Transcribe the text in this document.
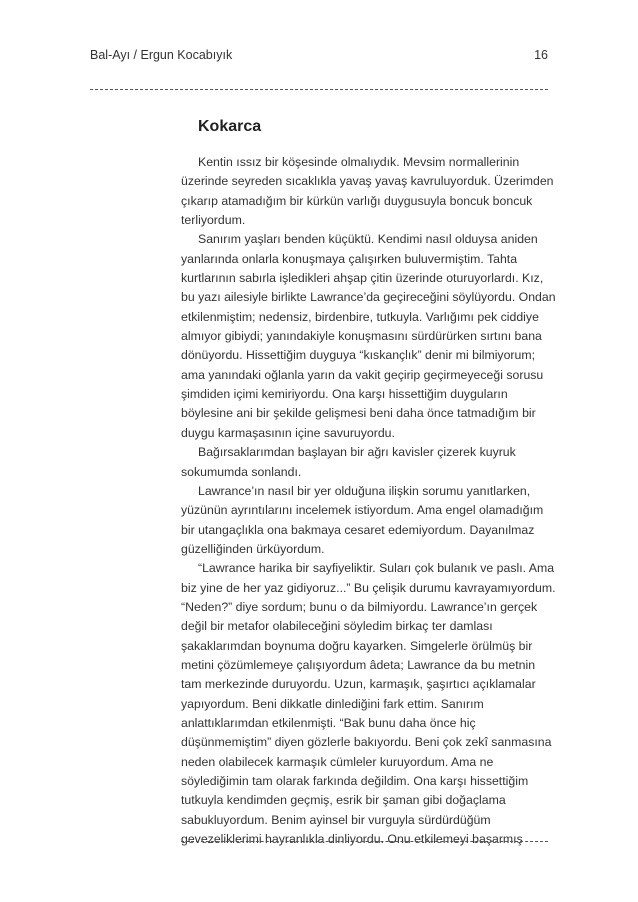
Bal-Ayı / Ergun Kocabıyık	16
Kokarca
Kentin ıssız bir köşesinde olmalıydık. Mevsim normallerinin
üzerinde seyreden sıcaklıkla yavaş yavaş kavruluyorduk. Üzerimden
çıkarıp atamadığım bir kürkün varlığı duygusuyla boncuk boncuk
terliyordum.
Sanırım yaşları benden küçüktü. Kendimi nasıl olduysa aniden
yanlarında onlarla konuşmaya çalışırken buluvermiştim. Tahta
kurtlarının sabırla işledikleri ahşap çitin üzerinde oturuyorlardı. Kız,
bu yazı ailesiyle birlikte Lawrance’da geçireceğini söylüyordu. Ondan
etkilenmiştim; nedensiz, birdenbire, tutkuyla. Varlığımı pek ciddiye
almıyor gibiydi; yanındakiyle konuşmasını sürdürürken sırtını bana
dönüyordu. Hissettiğim duyguya “kıskançlık” denir mi bilmiyorum;
ama yanındaki oğlanla yarın da vakit geçirip geçirmeyeceği sorusu
şimdiden içimi kemiriyordu. Ona karşı hissettiğim duyguların
böylesine ani bir şekilde gelişmesi beni daha önce tatmadığım bir
duygu karmaşasının içine savuruyordu.
Bağırsaklarımdan başlayan bir ağrı kavisler çizerek kuyruk
sokumumda sonlandı.
Lawrance’ın nasıl bir yer olduğuna ilişkin sorumu yanıtlarken,
yüzünün ayrıntılarını incelemek istiyordum. Ama engel olamadığım
bir utangaçlıkla ona bakmaya cesaret edemiyordum. Dayanılmaz
güzelliğinden ürküyordum.
“Lawrance harika bir sayfiyeliktir. Suları çok bulanık ve paslı. Ama
biz yine de her yaz gidiyoruz...” Bu çelişik durumu kavrayamıyordum.
“Neden?” diye sordum; bunu o da bilmiyordu. Lawrance’ın gerçek
değil bir metafor olabileceğini söyledim birkaç ter damlası
şakaklarımdan boynuma doğru kayarken. Simgelerle örülmüş bir
metini çözümlemeye çalışıyordum âdeta; Lawrance da bu metnin
tam merkezinde duruyordu. Uzun, karmaşık, şaşırtıcı açıklamalar
yapıyordum. Beni dikkatle dinlediğini fark ettim. Sanırım
anlattıklarımdan etkilenmişti. “Bak bunu daha önce hiç
düşünmemiştim” diyen gözlerle bakıyordu. Beni çok zekî sanmasına
neden olabilecek karmaşık cümleler kuruyordum. Ama ne
söylediğimin tam olarak farkında değildim. Ona karşı hissettiğim
tutkuyla kendimden geçmiş, esrik bir şaman gibi doğaçlama
sabukluyordum. Benim ayinsel bir vurguyla sürdürdüğüm
gevezeliklerimi hayranlıkla dinliyordu. Onu etkilemeyi başarmış
